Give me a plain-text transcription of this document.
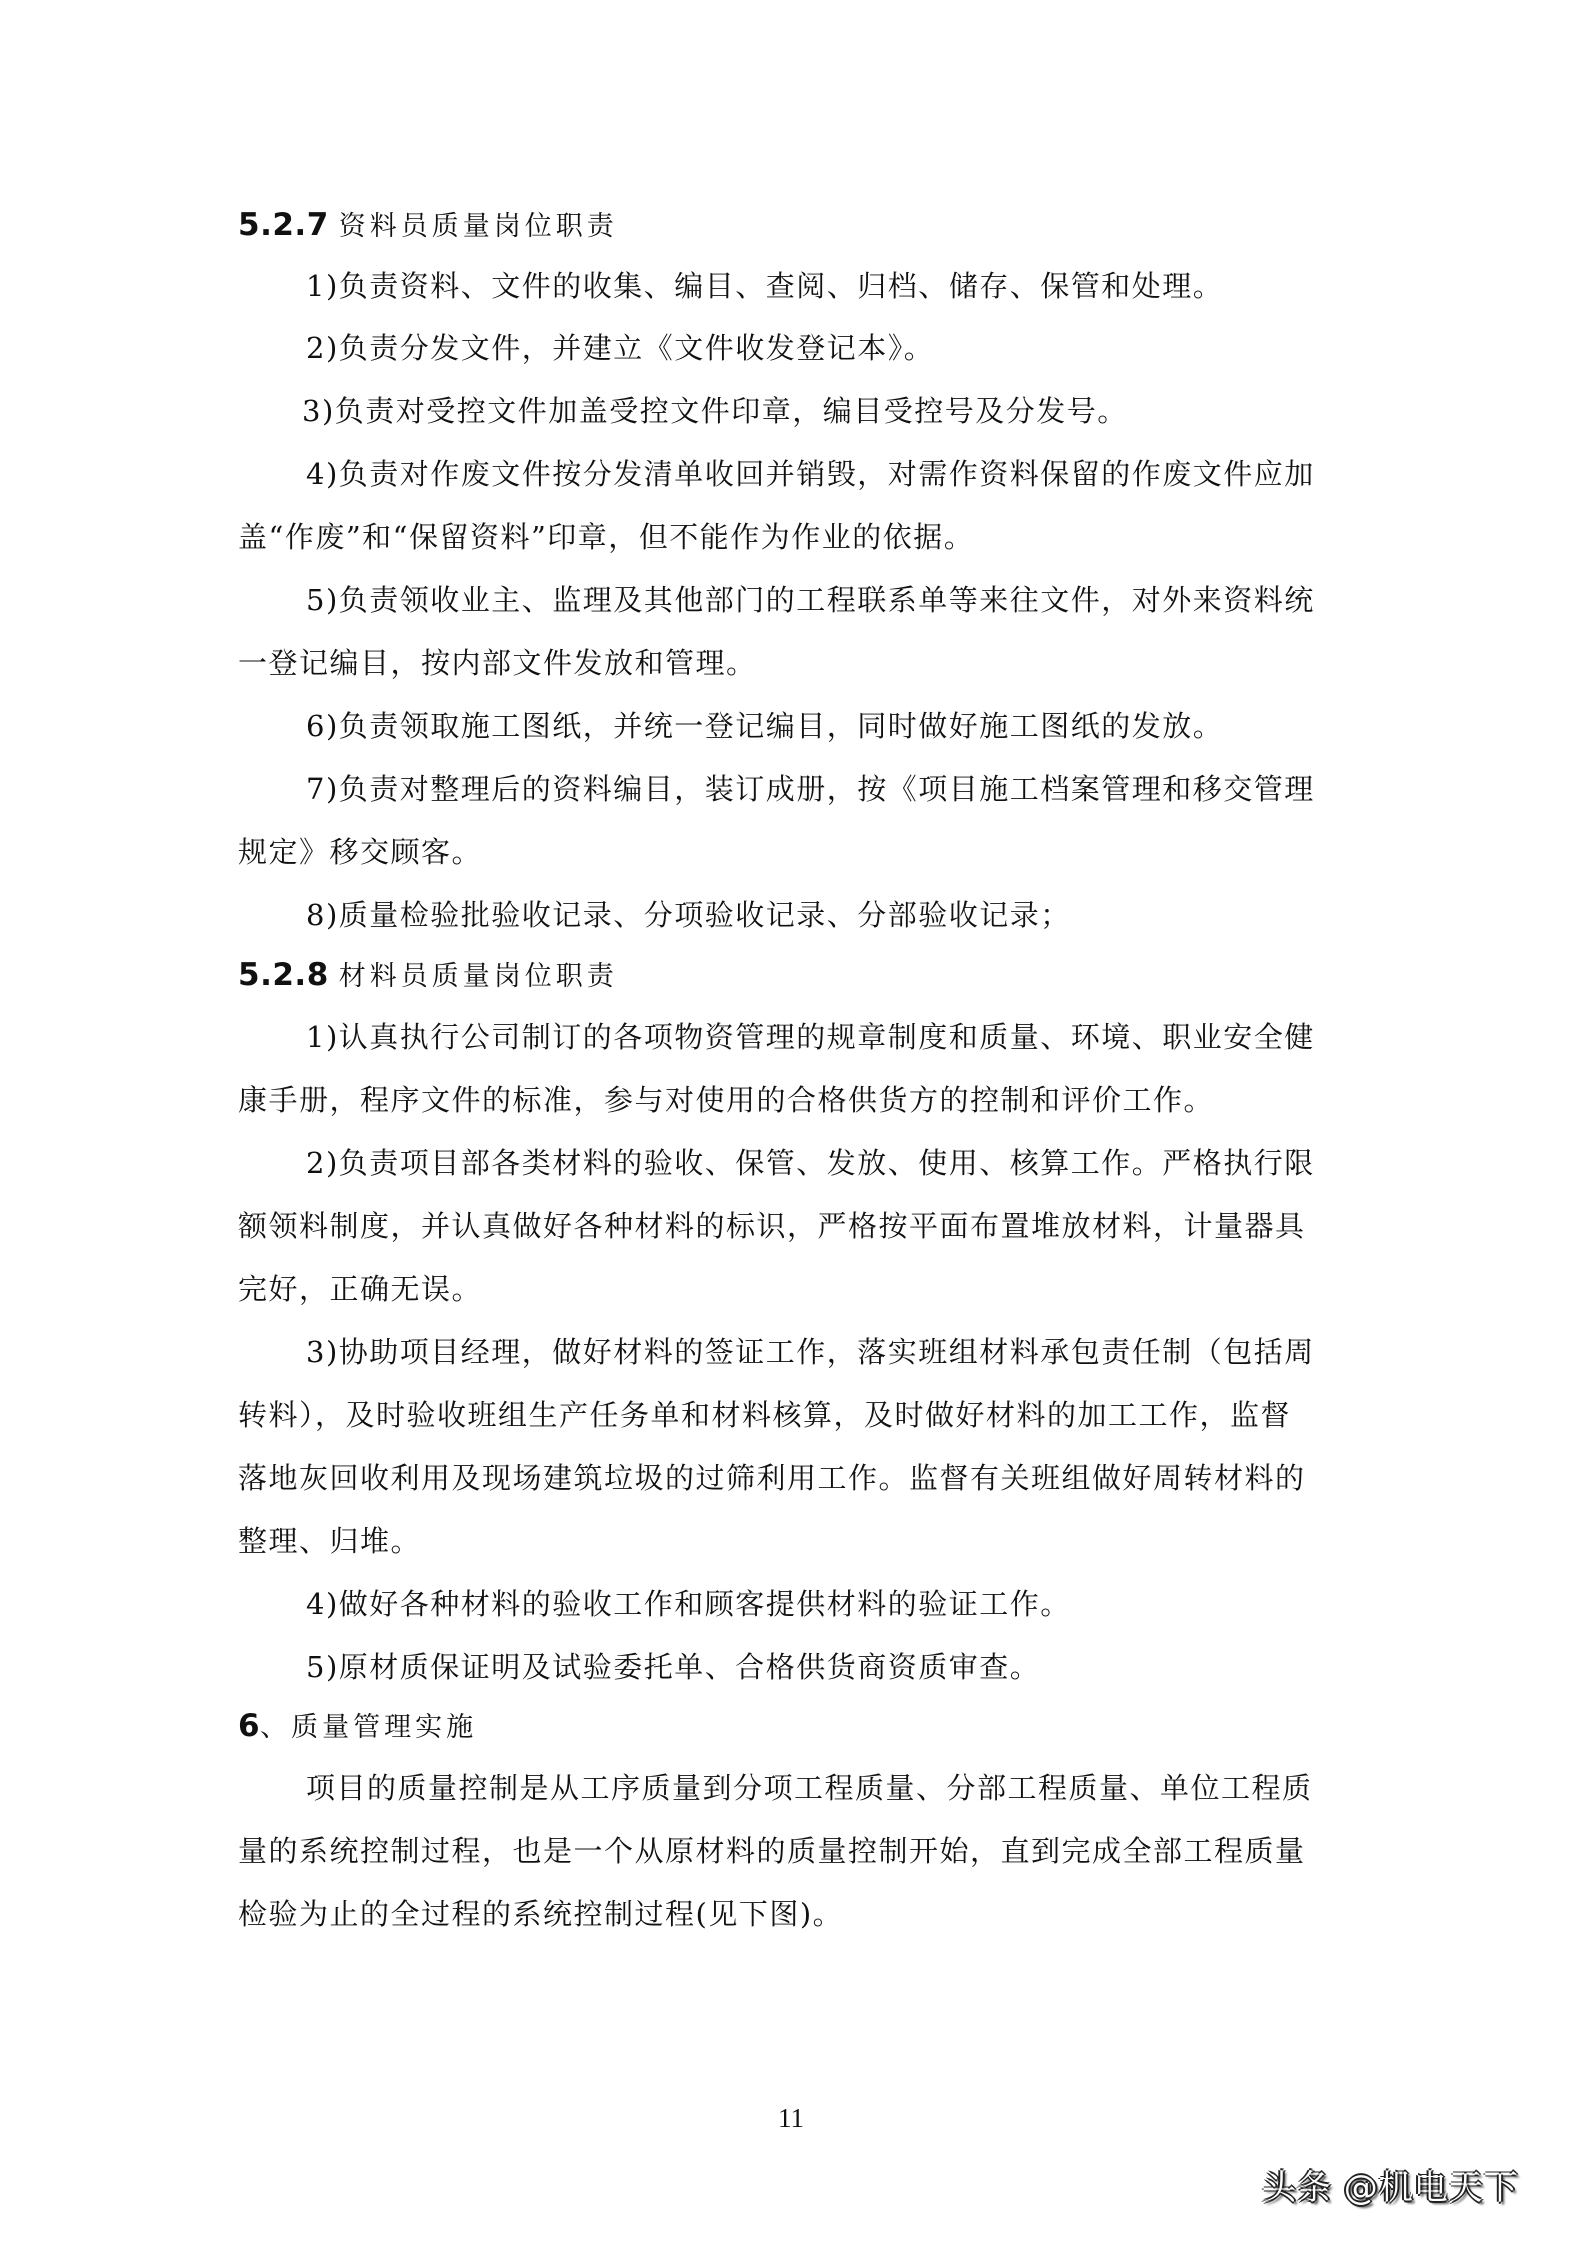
5.2.7 资料员质量岗位职责
1)负责资料、文件的收集、编目、查阅、归档、储存、保管和处理。
2)负责分发文件，并建立《文件收发登记本》。
3)负责对受控文件加盖受控文件印章，编目受控号及分发号。
4)负责对作废文件按分发清单收回并销毁，对需作资料保留的作废文件应加
盖“作废”和“保留资料”印章，但不能作为作业的依据。
5)负责领收业主、监理及其他部门的工程联系单等来往文件，对外来资料统
一登记编目，按内部文件发放和管理。
6)负责领取施工图纸，并统一登记编目，同时做好施工图纸的发放。
7)负责对整理后的资料编目，装订成册，按《项目施工档案管理和移交管理
规定》移交顾客。
8)质量检验批验收记录、分项验收记录、分部验收记录；
5.2.8 材料员质量岗位职责
1)认真执行公司制订的各项物资管理的规章制度和质量、环境、职业安全健
康手册，程序文件的标准，参与对使用的合格供货方的控制和评价工作。
2)负责项目部各类材料的验收、保管、发放、使用、核算工作。严格执行限
额领料制度，并认真做好各种材料的标识，严格按平面布置堆放材料，计量器具
完好，正确无误。
3)协助项目经理，做好材料的签证工作，落实班组材料承包责任制（包括周
转料），及时验收班组生产任务单和材料核算，及时做好材料的加工工作，监督
落地灰回收利用及现场建筑垃圾的过筛利用工作。监督有关班组做好周转材料的
整理、归堆。
4)做好各种材料的验收工作和顾客提供材料的验证工作。
5)原材质保证明及试验委托单、合格供货商资质审查。
6、质量管理实施
项目的质量控制是从工序质量到分项工程质量、分部工程质量、单位工程质
量的系统控制过程，也是一个从原材料的质量控制开始，直到完成全部工程质量
检验为止的全过程的系统控制过程(见下图)。
11
头条 @机电天下
